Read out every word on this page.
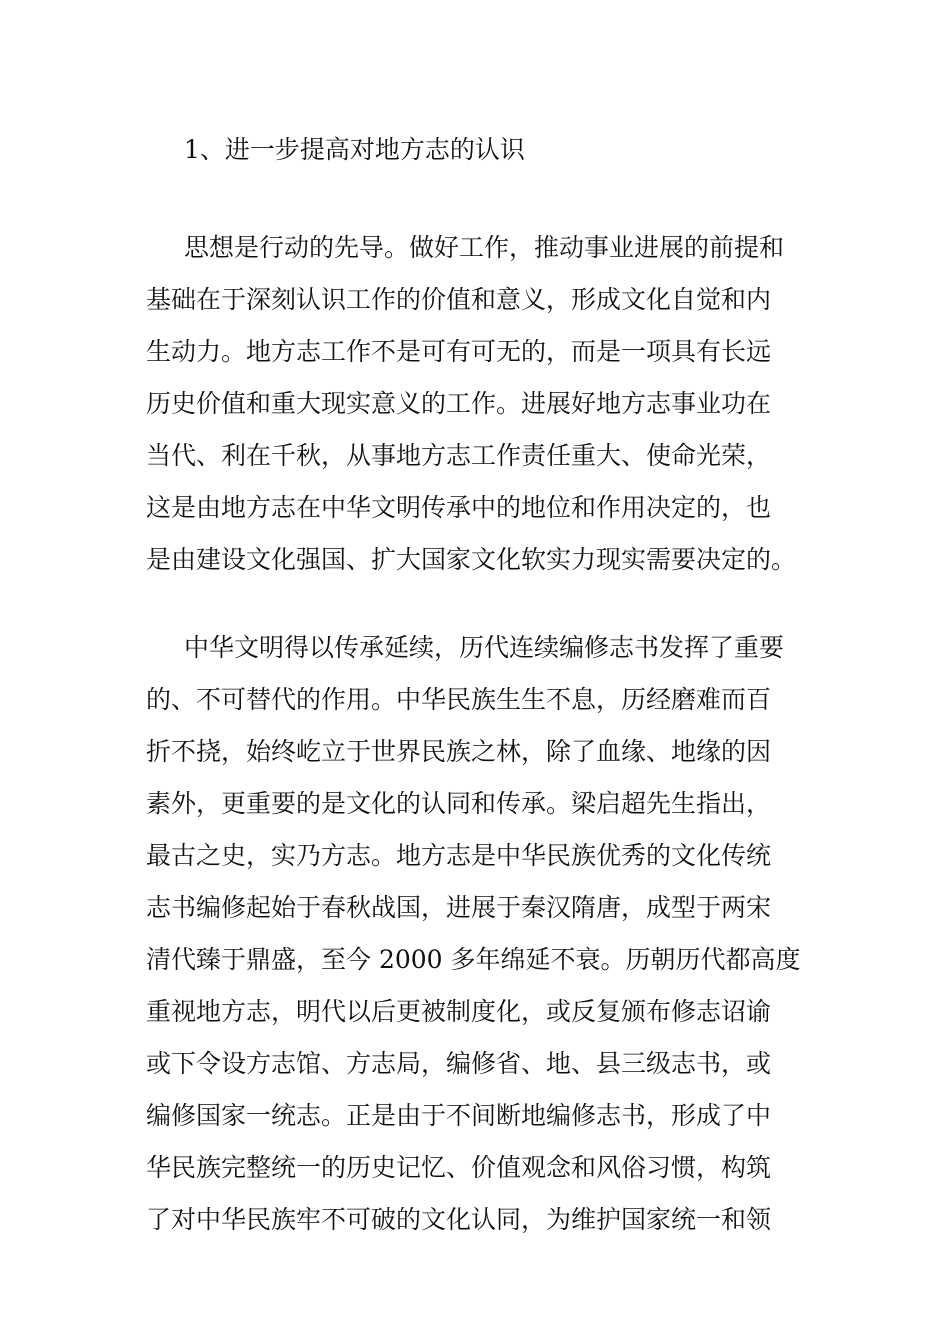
1、进一步提高对地方志的认识
思想是行动的先导。做好工作，推动事业进展的前提和
基础在于深刻认识工作的价值和意义，形成文化自觉和内
生动力。地方志工作不是可有可无的，而是一项具有长远
历史价值和重大现实意义的工作。进展好地方志事业功在
当代、利在千秋，从事地方志工作责任重大、使命光荣，
这是由地方志在中华文明传承中的地位和作用决定的，也
是由建设文化强国、扩大国家文化软实力现实需要决定的。
中华文明得以传承延续，历代连续编修志书发挥了重要
的、不可替代的作用。中华民族生生不息，历经磨难而百
折不挠，始终屹立于世界民族之林，除了血缘、地缘的因
素外，更重要的是文化的认同和传承。梁启超先生指出，
最古之史，实乃方志。地方志是中华民族优秀的文化传统
志书编修起始于春秋战国，进展于秦汉隋唐，成型于两宋
清代臻于鼎盛，至今 2000 多年绵延不衰。历朝历代都高度
重视地方志，明代以后更被制度化，或反复颁布修志诏谕
或下令设方志馆、方志局，编修省、地、县三级志书，或
编修国家一统志。正是由于不间断地编修志书，形成了中
华民族完整统一的历史记忆、价值观念和风俗习惯，构筑
了对中华民族牢不可破的文化认同，为维护国家统一和领
